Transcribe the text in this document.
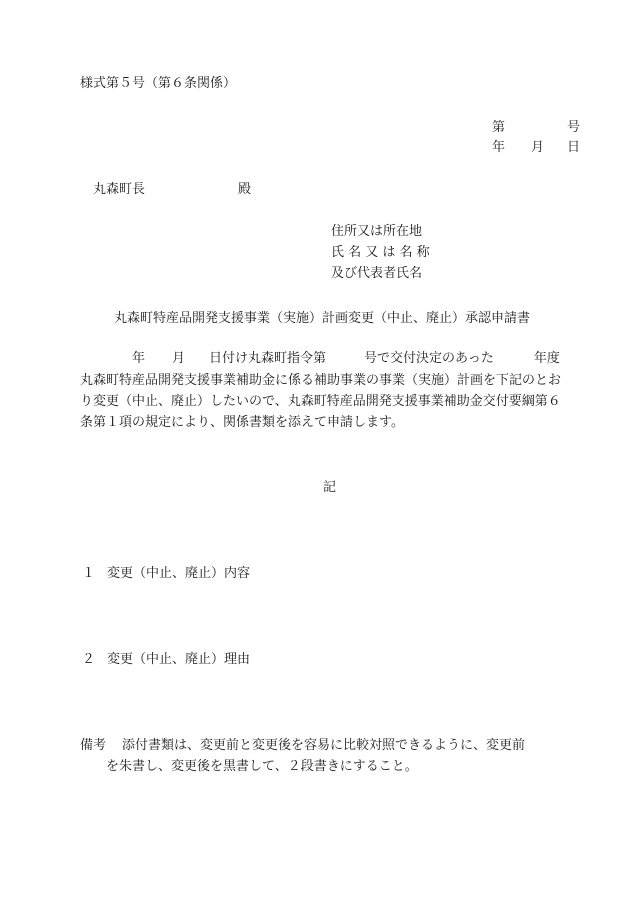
様式第５号（第６条関係）
第	号
年 月 日
丸森町長	殿
住所又は所在地
氏 名 又 は 名 称
及び代表者氏名
丸森町特産品開発支援事業（実施）計画変更（中止、廃止）承認申請書
年 月 日付け丸森町指令第	号で交付決定のあった	年度
丸森町特産品開発支援事業補助金に係る補助事業の事業（実施）計画を下記のとお
り変更（中止、廃止）したいので、丸森町特産品開発支援事業補助金交付要綱第６
条第１項の規定により、関係書類を添えて申請します。
記
１ 変更（中止、廃止）内容
２ 変更（中止、廃止）理由
備考 添付書類は、変更前と変更後を容易に比較対照できるように、変更前
を朱書し、変更後を黒書して、２段書きにすること。
